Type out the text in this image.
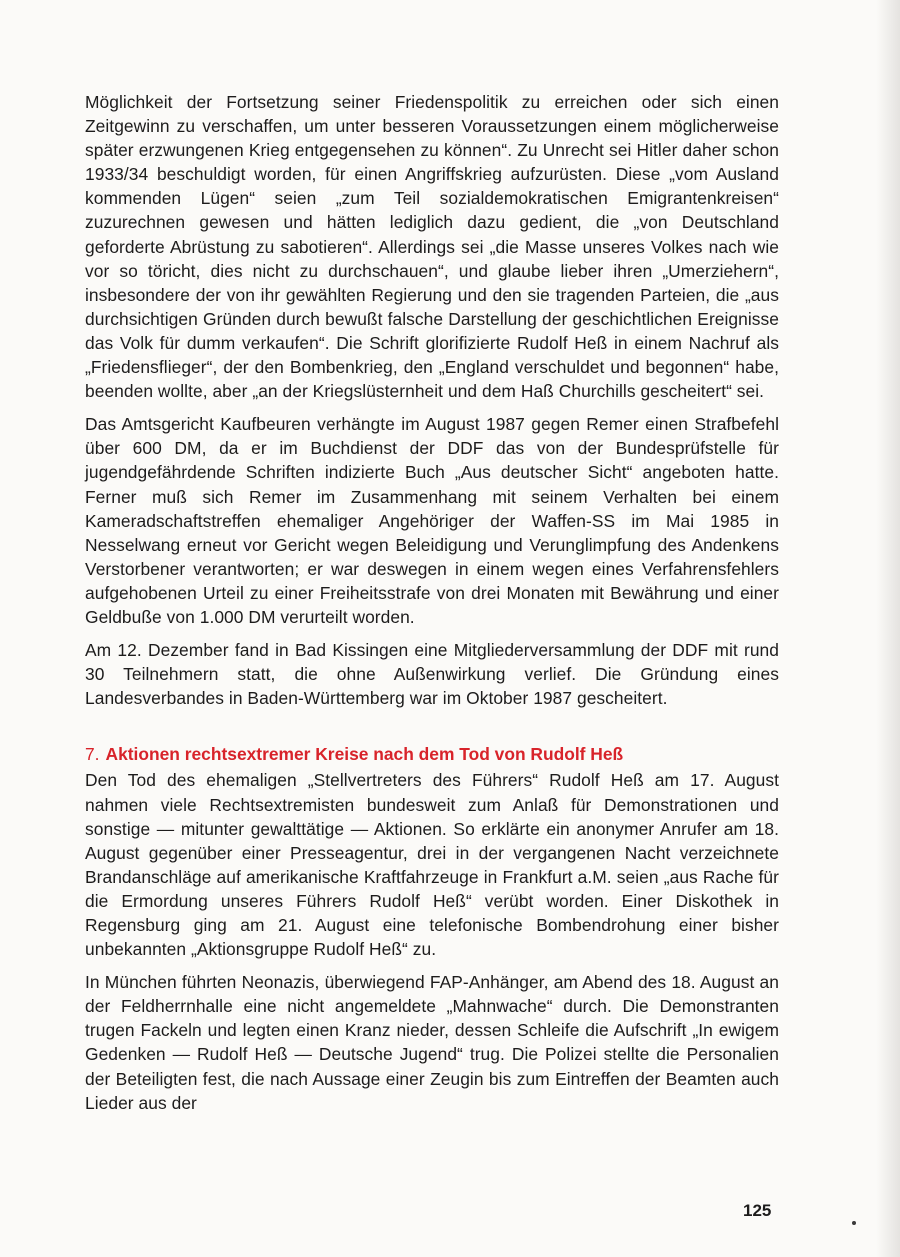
Möglichkeit der Fortsetzung seiner Friedenspolitik zu erreichen oder sich einen Zeitgewinn zu verschaffen, um unter besseren Voraussetzungen einem möglicherweise später erzwungenen Krieg entgegensehen zu können“. Zu Unrecht sei Hitler daher schon 1933/34 beschuldigt worden, für einen Angriffskrieg aufzurüsten. Diese „vom Ausland kommenden Lügen“ seien „zum Teil sozialdemokratischen Emigrantenkreisen“ zuzurechnen gewesen und hätten lediglich dazu gedient, die „von Deutschland geforderte Abrüstung zu sabotieren“. Allerdings sei „die Masse unseres Volkes nach wie vor so töricht, dies nicht zu durchschauen“, und glaube lieber ihren „Umerziehern“, insbesondere der von ihr gewählten Regierung und den sie tragenden Parteien, die „aus durchsichtigen Gründen durch bewußt falsche Darstellung der geschichtlichen Ereignisse das Volk für dumm verkaufen“. Die Schrift glorifizierte Rudolf Heß in einem Nachruf als „Friedensflieger“, der den Bombenkrieg, den „England verschuldet und begonnen“ habe, beenden wollte, aber „an der Kriegslüsternheit und dem Haß Churchills gescheitert“ sei.

Das Amtsgericht Kaufbeuren verhängte im August 1987 gegen Remer einen Strafbefehl über 600 DM, da er im Buchdienst der DDF das von der Bundesprüfstelle für jugendgefährdende Schriften indizierte Buch „Aus deutscher Sicht“ angeboten hatte. Ferner muß sich Remer im Zusammenhang mit seinem Verhalten bei einem Kameradschaftstreffen ehemaliger Angehöriger der Waffen-SS im Mai 1985 in Nesselwang erneut vor Gericht wegen Beleidigung und Verunglimpfung des Andenkens Verstorbener verantworten; er war deswegen in einem wegen eines Verfahrensfehlers aufgehobenen Urteil zu einer Freiheitsstrafe von drei Monaten mit Bewährung und einer Geldbuße von 1.000 DM verurteilt worden.

Am 12. Dezember fand in Bad Kissingen eine Mitgliederversammlung der DDF mit rund 30 Teilnehmern statt, die ohne Außenwirkung verlief. Die Gründung eines Landesverbandes in Baden-Württemberg war im Oktober 1987 gescheitert.

7. Aktionen rechtsextremer Kreise nach dem Tod von Rudolf Heß

Den Tod des ehemaligen „Stellvertreters des Führers“ Rudolf Heß am 17. August nahmen viele Rechtsextremisten bundesweit zum Anlaß für Demonstrationen und sonstige — mitunter gewalttätige — Aktionen. So erklärte ein anonymer Anrufer am 18. August gegenüber einer Presseagentur, drei in der vergangenen Nacht verzeichnete Brandanschläge auf amerikanische Kraftfahrzeuge in Frankfurt a.M. seien „aus Rache für die Ermordung unseres Führers Rudolf Heß“ verübt worden. Einer Diskothek in Regensburg ging am 21. August eine telefonische Bombendrohung einer bisher unbekannten „Aktionsgruppe Rudolf Heß“ zu.

In München führten Neonazis, überwiegend FAP-Anhänger, am Abend des 18. August an der Feldherrnhalle eine nicht angemeldete „Mahnwache“ durch. Die Demonstranten trugen Fackeln und legten einen Kranz nieder, dessen Schleife die Aufschrift „In ewigem Gedenken — Rudolf Heß — Deutsche Jugend“ trug. Die Polizei stellte die Personalien der Beteiligten fest, die nach Aussage einer Zeugin bis zum Eintreffen der Beamten auch Lieder aus der

125
